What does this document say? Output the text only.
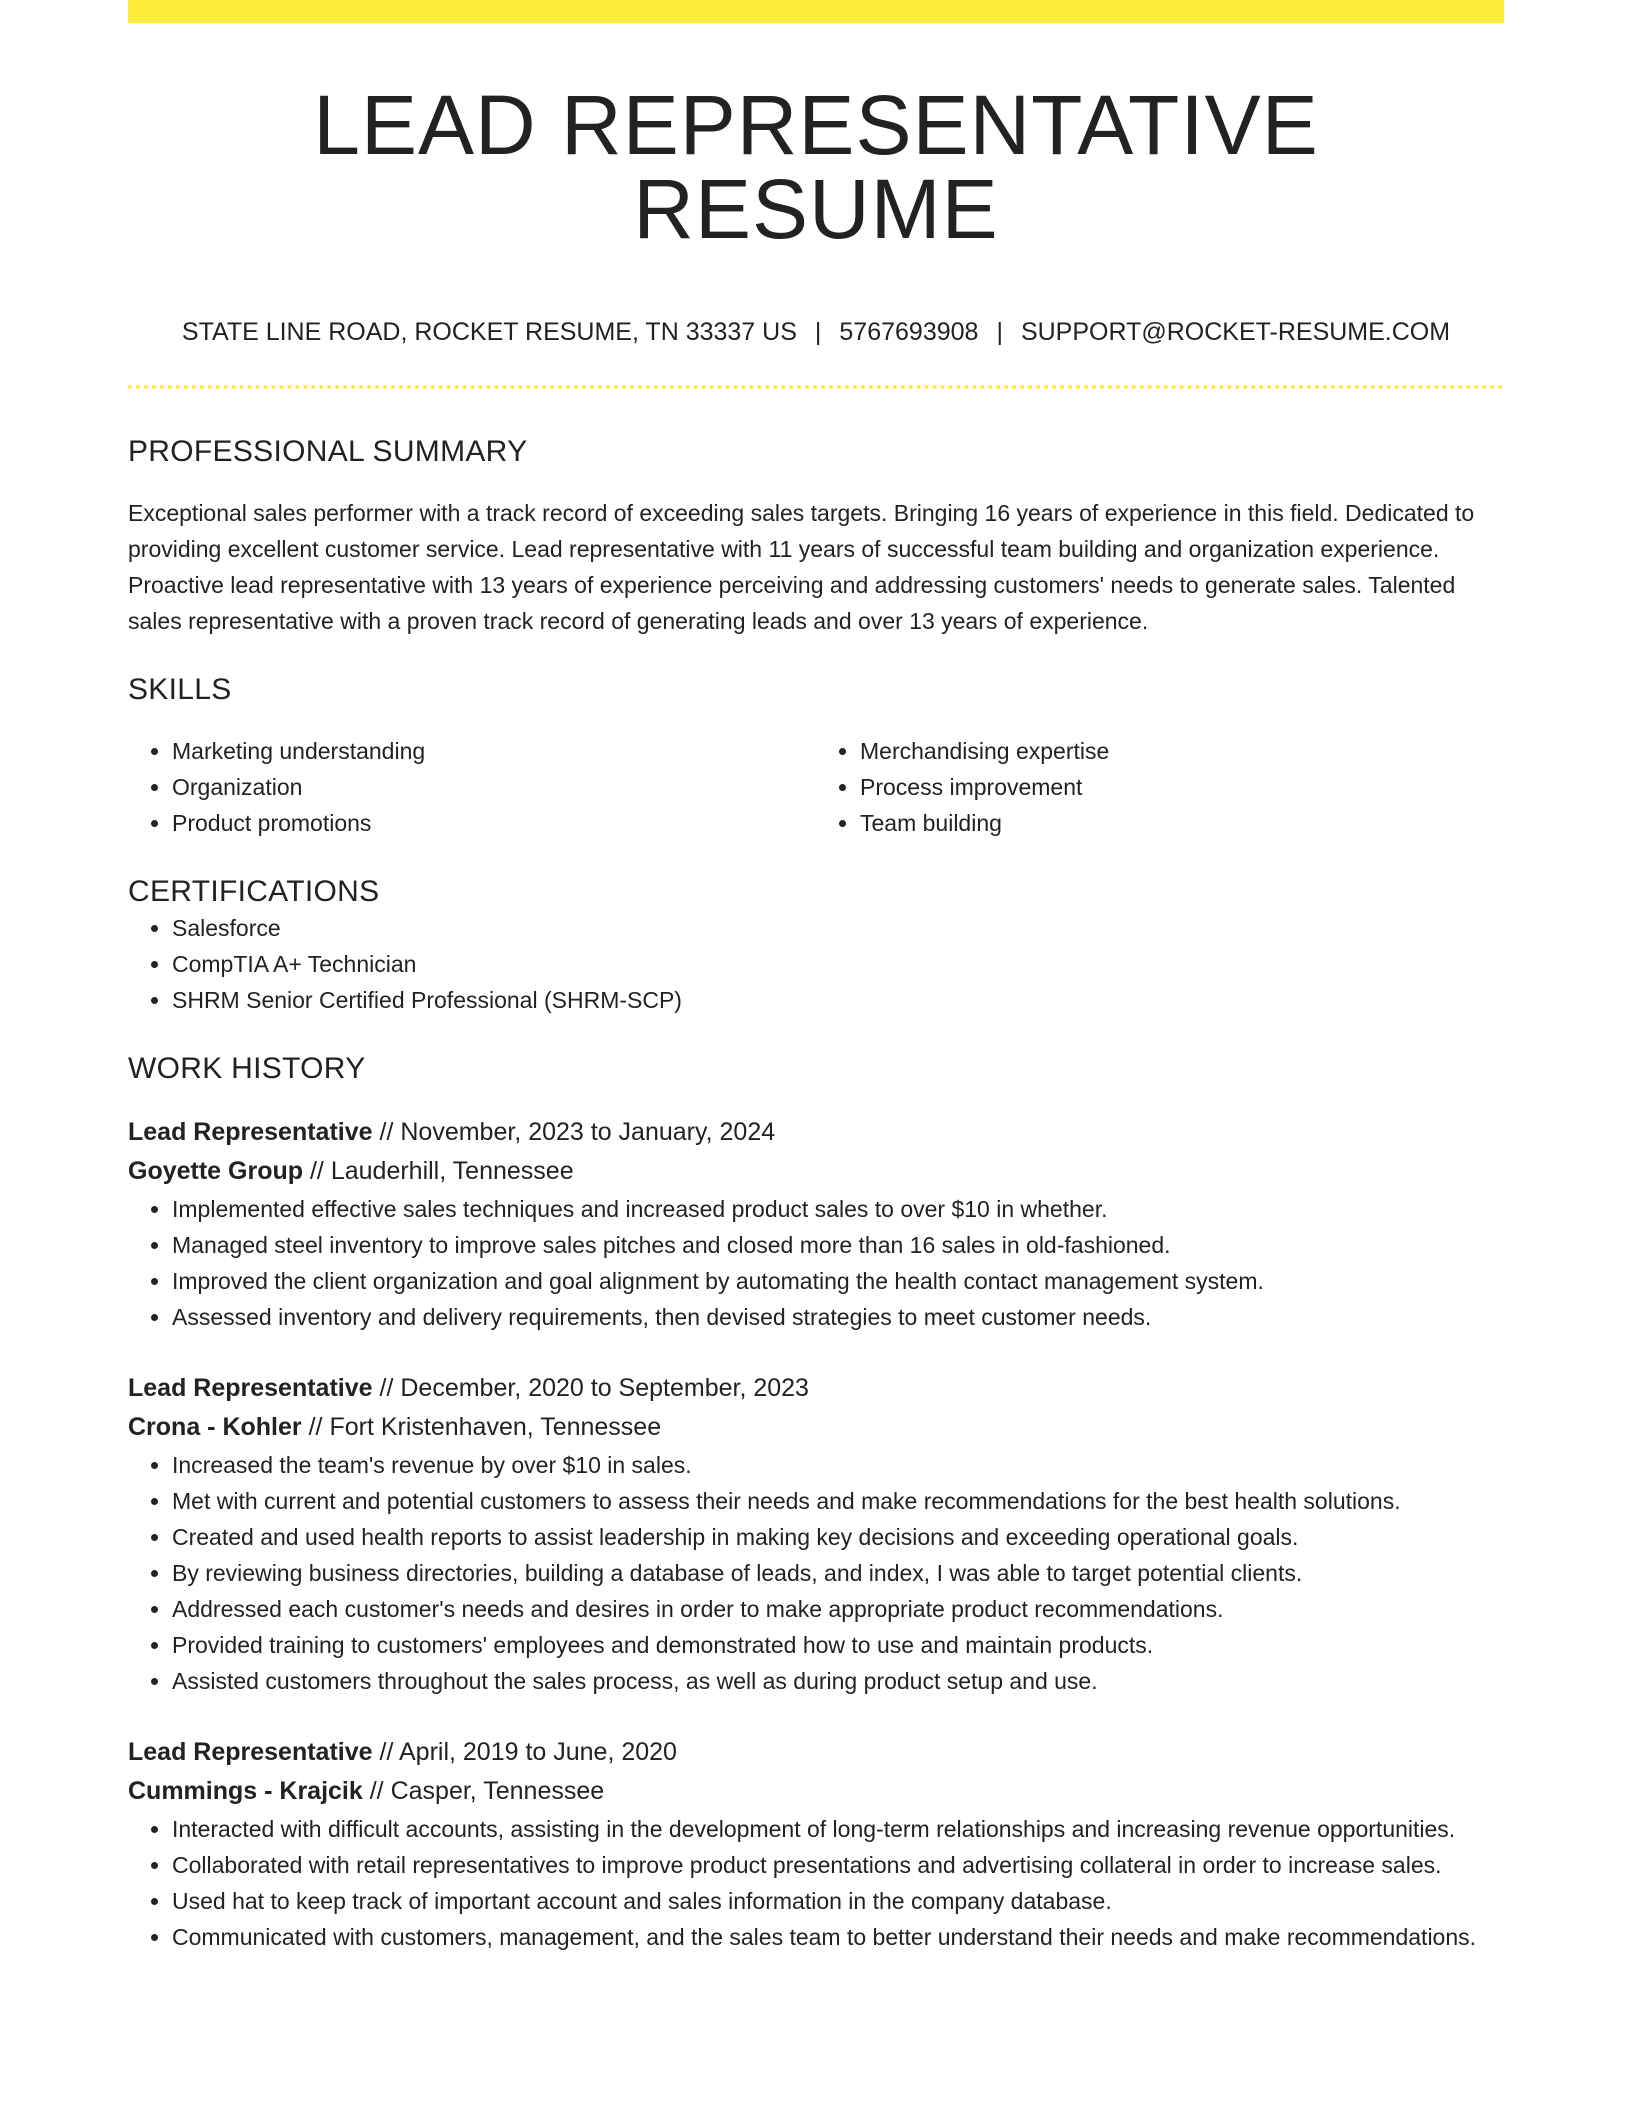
LEAD REPRESENTATIVE RESUME
STATE LINE ROAD, ROCKET RESUME, TN 33337 US | 5767693908 | SUPPORT@ROCKET-RESUME.COM
PROFESSIONAL SUMMARY

Exceptional sales performer with a track record of exceeding sales targets. Bringing 16 years of experience in this field. Dedicated to providing excellent customer service. Lead representative with 11 years of successful team building and organization experience. Proactive lead representative with 13 years of experience perceiving and addressing customers' needs to generate sales. Talented sales representative with a proven track record of generating leads and over 13 years of experience.

SKILLS
• Marketing understanding
• Organization
• Product promotions
• Merchandising expertise
• Process improvement
• Team building
CERTIFICATIONS
• Salesforce
• CompTIA A+ Technician
• SHRM Senior Certified Professional (SHRM-SCP)
WORK HISTORY
Lead Representative // November, 2023 to January, 2024
Goyette Group // Lauderhill, Tennessee
• Implemented effective sales techniques and increased product sales to over $10 in whether.
• Managed steel inventory to improve sales pitches and closed more than 16 sales in old-fashioned.
• Improved the client organization and goal alignment by automating the health contact management system.
• Assessed inventory and delivery requirements, then devised strategies to meet customer needs.
Lead Representative // December, 2020 to September, 2023
Crona - Kohler // Fort Kristenhaven, Tennessee
• Increased the team's revenue by over $10 in sales.
• Met with current and potential customers to assess their needs and make recommendations for the best health solutions.
• Created and used health reports to assist leadership in making key decisions and exceeding operational goals.
• By reviewing business directories, building a database of leads, and index, I was able to target potential clients.
• Addressed each customer's needs and desires in order to make appropriate product recommendations.
• Provided training to customers' employees and demonstrated how to use and maintain products.
• Assisted customers throughout the sales process, as well as during product setup and use.
Lead Representative // April, 2019 to June, 2020
Cummings - Krajcik // Casper, Tennessee
• Interacted with difficult accounts, assisting in the development of long-term relationships and increasing revenue opportunities.
• Collaborated with retail representatives to improve product presentations and advertising collateral in order to increase sales.
• Used hat to keep track of important account and sales information in the company database.
• Communicated with customers, management, and the sales team to better understand their needs and make recommendations.
